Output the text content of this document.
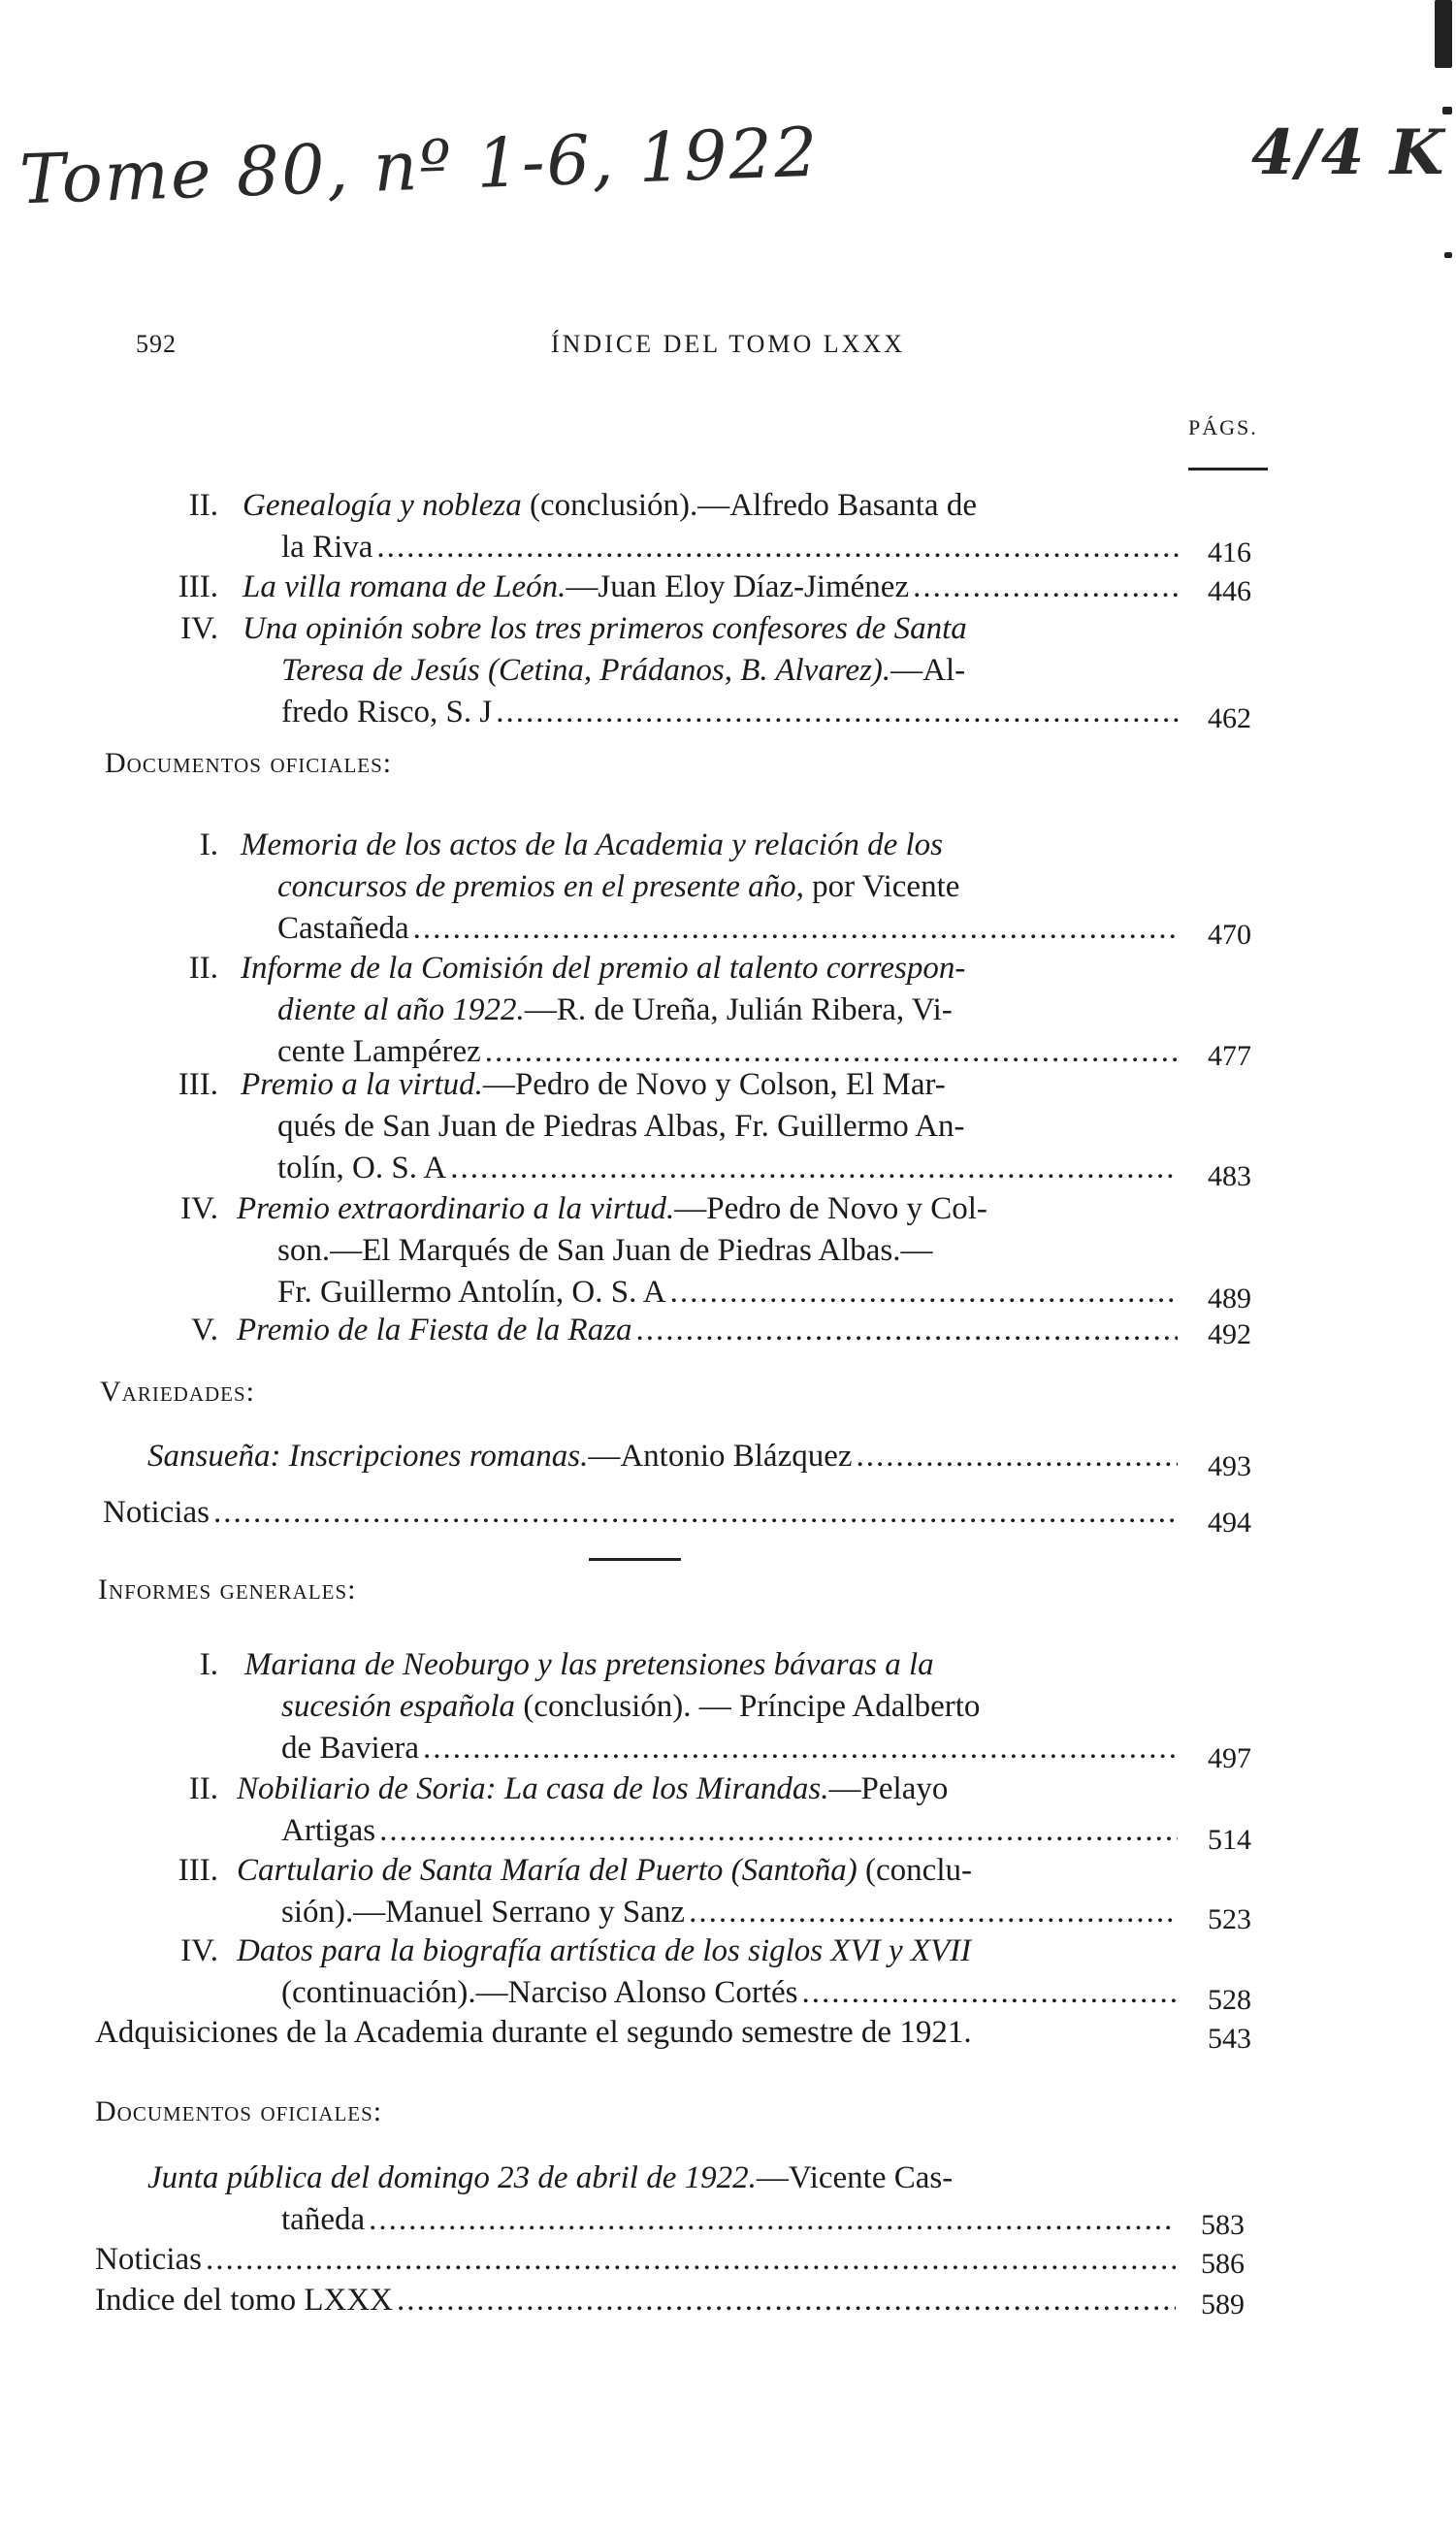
Tome 80, nº 1-6, 1922	4/4 K
592	ÍNDICE DEL TOMO LXXX
PÁGS.
II. Genealogía y nobleza (conclusión).—Alfredo Basanta de
la Riva .....	416
III. La villa romana de León. —Juan Eloy Díaz-Jiménez .....	446
IV. Una opinión sobre los tres primeros confesores de Santa
Teresa de Jesús (Cetina, Prádanos, B. Alvarez).—Al-
fredo Risco, S. J .....	462
Documentos oficiales:
I. Memoria de los actos de la Academia y relación de los
concursos de premios en el presente año, por Vicente
Castañeda .....	470
II. Informe de la Comisión del premio al talento correspon-
diente al año 1922.—R. de Ureña, Julián Ribera, Vi-
cente Lampérez .....	477
III. Premio a la virtud.—Pedro de Novo y Colson, El Mar-
qués de San Juan de Piedras Albas, Fr. Guillermo An-
tolín, O. S. A .....	483
IV. Premio extraordinario a la virtud.—Pedro de Novo y Col-
son.—El Marqués de San Juan de Piedras Albas.—
Fr. Guillermo Antolín, O. S. A .....	489
V. Premio de la Fiesta de la Raza .....	492
Variedades:
Sansueña: Inscripciones romanas. —Antonio Blázquez .....	493
Noticias .....	494
Informes generales:
I. Mariana de Neoburgo y las pretensiones bávaras a la
sucesión española (conclusión). — Príncipe Adalberto
de Baviera .....	497
II. Nobiliario de Soria: La casa de los Mirandas.—Pelayo
Artigas .....	514
III. Cartulario de Santa María del Puerto (Santoña) (conclu-
sión).—Manuel Serrano y Sanz .....	523
IV. Datos para la biografía artística de los siglos XVI y XVII
(continuación).—Narciso Alonso Cortés .....	528
Adquisiciones de la Academia durante el segundo semestre de 1921.	543
Documentos oficiales:
Junta pública del domingo 23 de abril de 1922.—Vicente Cas-
tañeda .....	583
Noticias .....	586
Indice del tomo LXXX .....	589
